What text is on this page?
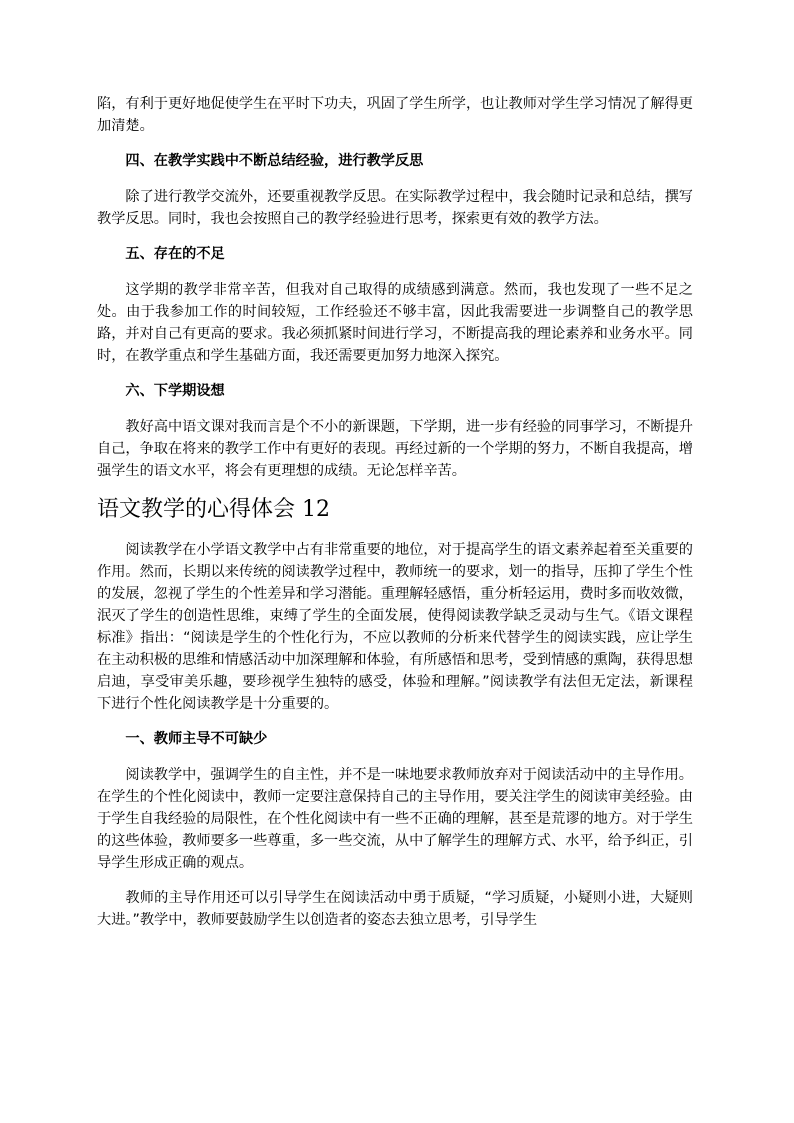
陷，有利于更好地促使学生在平时下功夫，巩固了学生所学，也让教师对学生学习情况了解得更加清楚。

四、在教学实践中不断总结经验，进行教学反思

除了进行教学交流外，还要重视教学反思。在实际教学过程中，我会随时记录和总结，撰写教学反思。同时，我也会按照自己的教学经验进行思考，探索更有效的教学方法。

五、存在的不足

这学期的教学非常辛苦，但我对自己取得的成绩感到满意。然而，我也发现了一些不足之处。由于我参加工作的时间较短，工作经验还不够丰富，因此我需要进一步调整自己的教学思路，并对自己有更高的要求。我必须抓紧时间进行学习，不断提高我的理论素养和业务水平。同时，在教学重点和学生基础方面，我还需要更加努力地深入探究。

六、下学期设想

教好高中语文课对我而言是个不小的新课题，下学期，进一步有经验的同事学习，不断提升自己，争取在将来的教学工作中有更好的表现。再经过新的一个学期的努力，不断自我提高，增强学生的语文水平，将会有更理想的成绩。无论怎样辛苦。

语文教学的心得体会 12

阅读教学在小学语文教学中占有非常重要的地位，对于提高学生的语文素养起着至关重要的作用。然而，长期以来传统的阅读教学过程中，教师统一的要求，划一的指导，压抑了学生个性的发展，忽视了学生的个性差异和学习潜能。重理解轻感悟，重分析轻运用，费时多而收效微，泯灭了学生的创造性思维，束缚了学生的全面发展，使得阅读教学缺乏灵动与生气。《语文课程标准》指出：“阅读是学生的个性化行为，不应以教师的分析来代替学生的阅读实践，应让学生在主动积极的思维和情感活动中加深理解和体验，有所感悟和思考，受到情感的熏陶，获得思想启迪，享受审美乐趣，要珍视学生独特的感受，体验和理解。”阅读教学有法但无定法，新课程下进行个性化阅读教学是十分重要的。

一、教师主导不可缺少

阅读教学中，强调学生的自主性，并不是一味地要求教师放弃对于阅读活动中的主导作用。在学生的个性化阅读中，教师一定要注意保持自己的主导作用，要关注学生的阅读审美经验。由于学生自我经验的局限性，在个性化阅读中有一些不正确的理解，甚至是荒谬的地方。对于学生的这些体验，教师要多一些尊重，多一些交流，从中了解学生的理解方式、水平，给予纠正，引导学生形成正确的观点。

教师的主导作用还可以引导学生在阅读活动中勇于质疑，“学习质疑，小疑则小进，大疑则大进。”教学中，教师要鼓励学生以创造者的姿态去独立思考，引导学生
